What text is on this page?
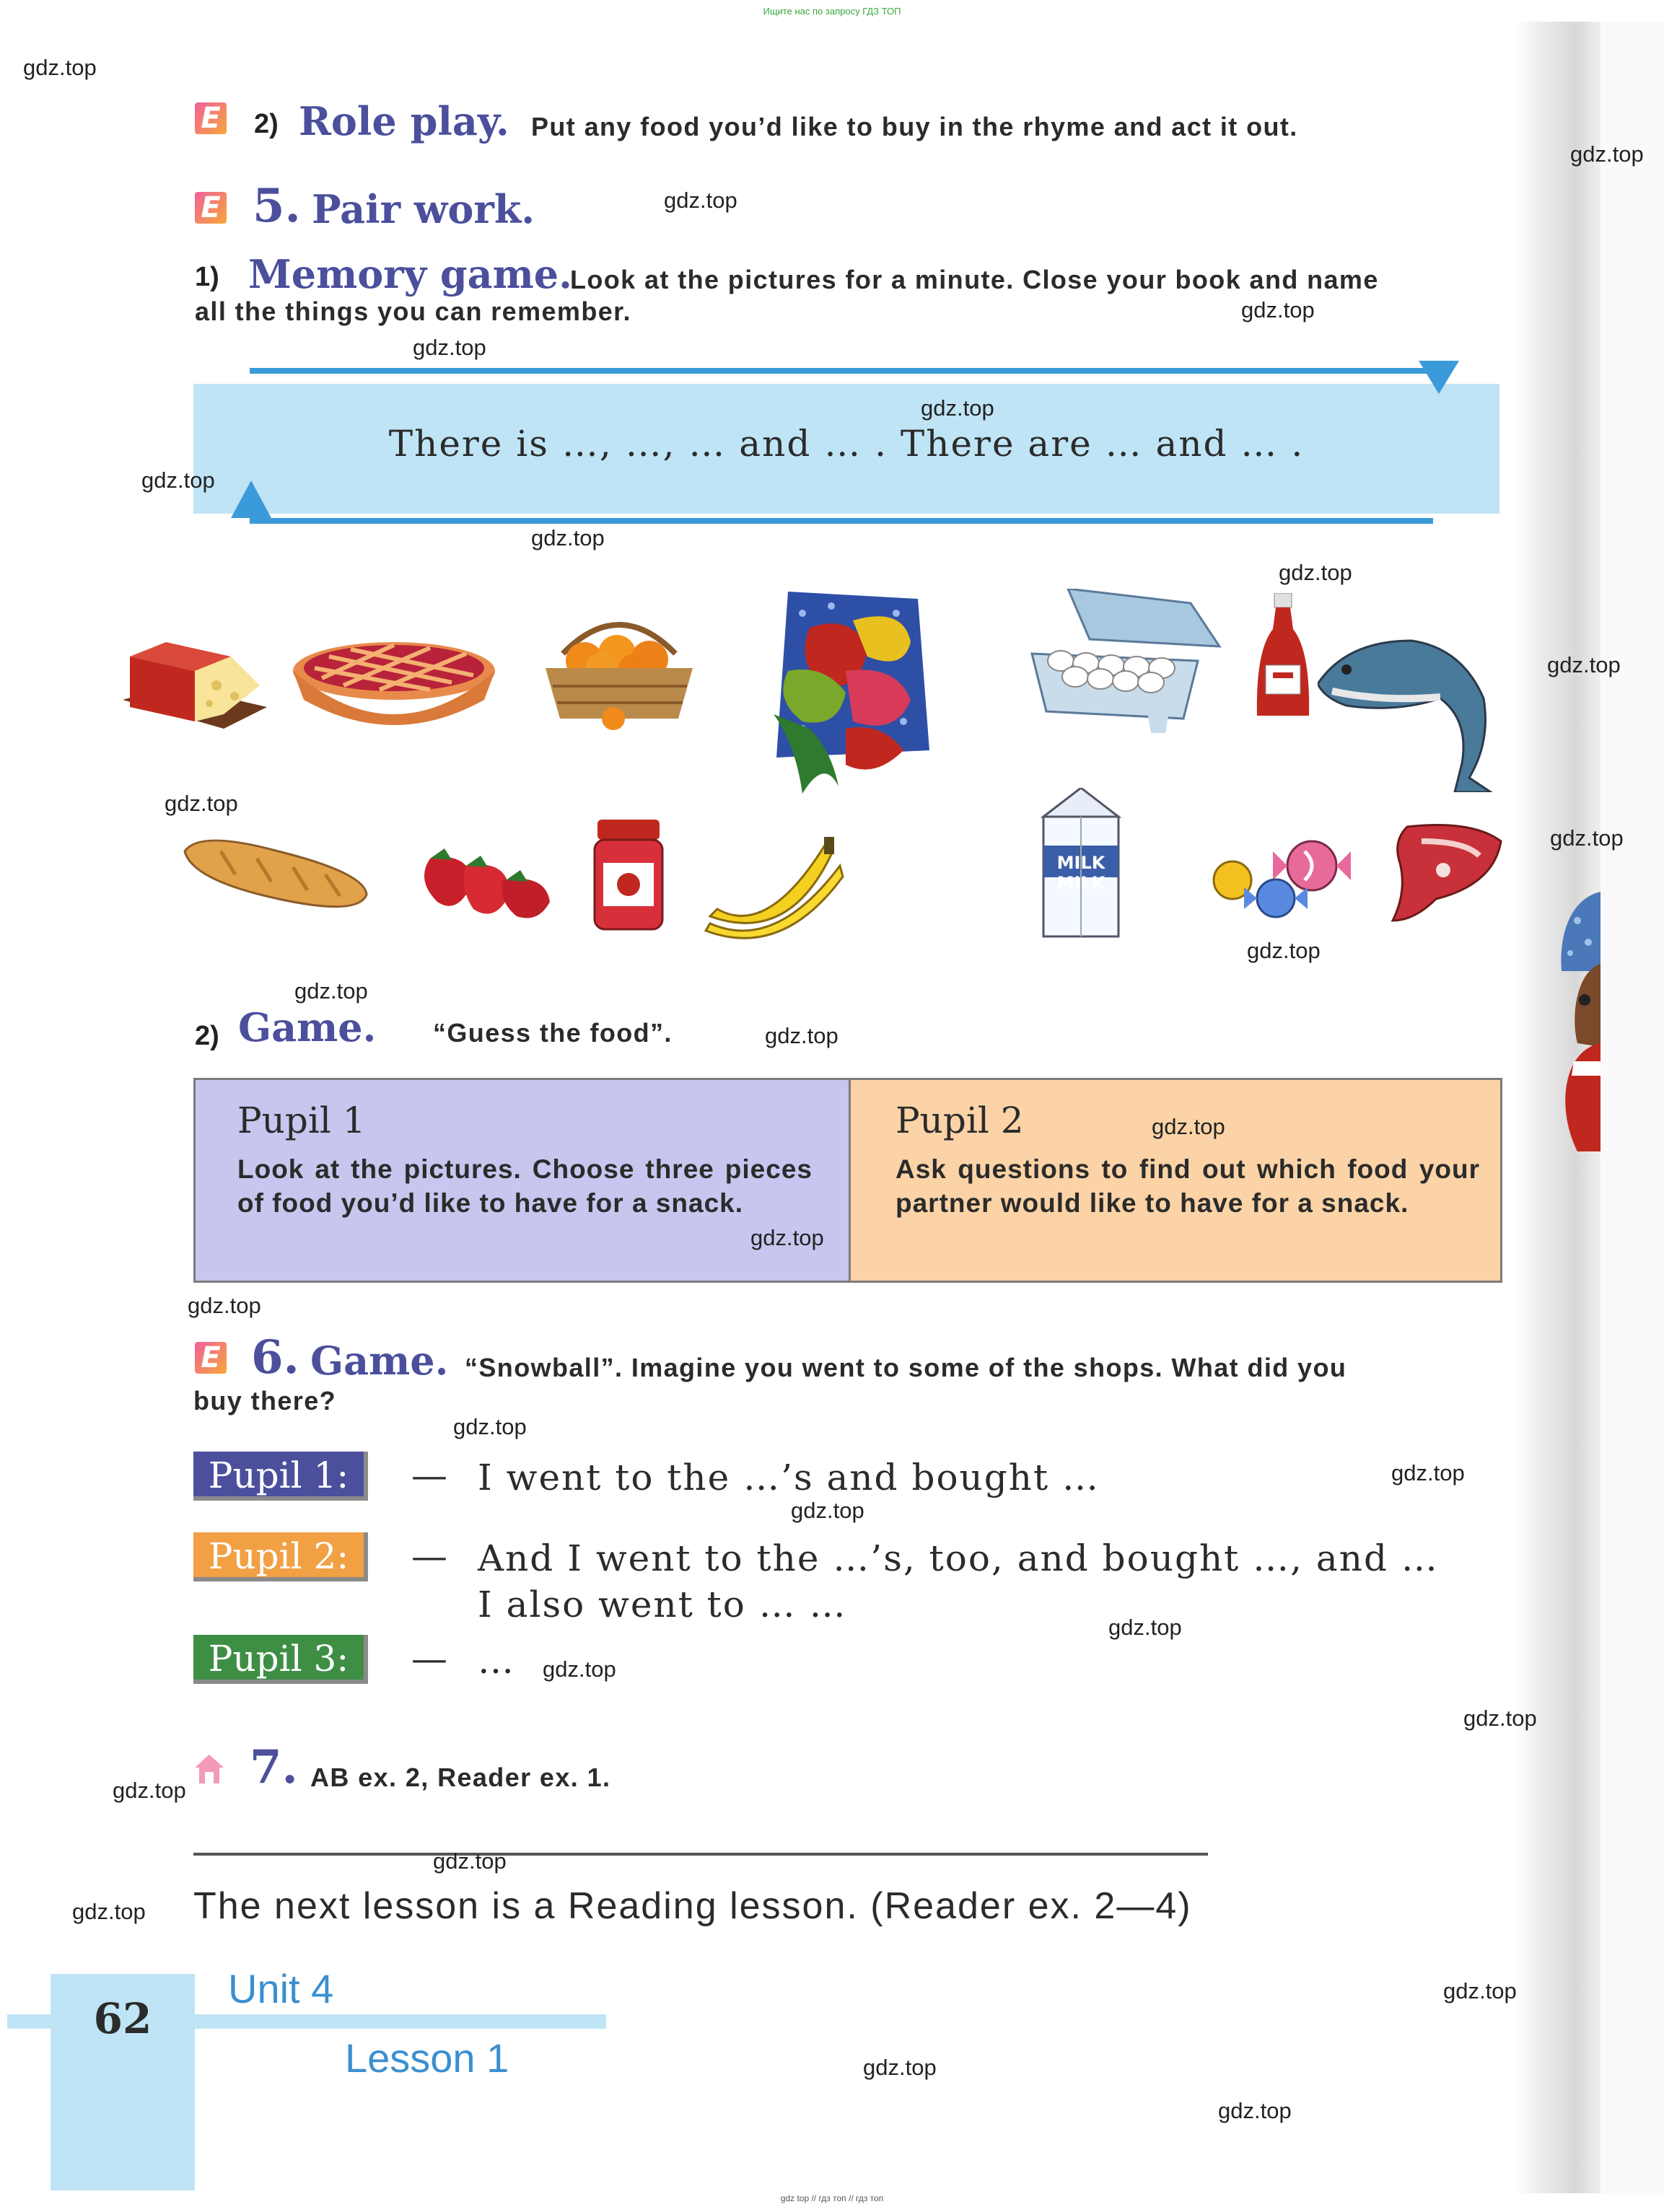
Ищите нас по запросу ГДЗ ТОП
E 2) Role play. Put any food you’d like to buy in the rhyme and act it out.
E 5. Pair work.
1) Memory game.
Look at the pictures for a minute. Close your book and name
all the things you can remember.
There is …, …, … and … . There are … and … .
MILK MILK
2) Game. “Guess the food”.
Pupil 1

Look at the pictures. Choose three pieces of food you’d like to have for a snack.

Pupil 2

Ask questions to find out which food your partner would like to have for a snack.

E 6. Game. “Snowball”. Imagine you went to some of the shops. What did you
buy there?
Pupil 1:	— I went to the …’s and bought …
Pupil 2:	— And I went to the …’s, too, and bought …, and …
I also went to … …
Pupil 3:	— …
7. AB ex. 2, Reader ex. 1.
The next lesson is a Reading lesson. (Reader ex. 2—4)
62
Unit 4
Lesson 1
gdz top // гдз топ // гдз топ
gdz.top
gdz.top
gdz.top
gdz.top
gdz.top
gdz.top
gdz.top
gdz.top
gdz.top
gdz.top
gdz.top
gdz.top
gdz.top
gdz.top
gdz.top
gdz.top
gdz.top
gdz.top
gdz.top
gdz.top
gdz.top
gdz.top
gdz.top
gdz.top
gdz.top
gdz.top
gdz.top
gdz.top
gdz.top
gdz.top
